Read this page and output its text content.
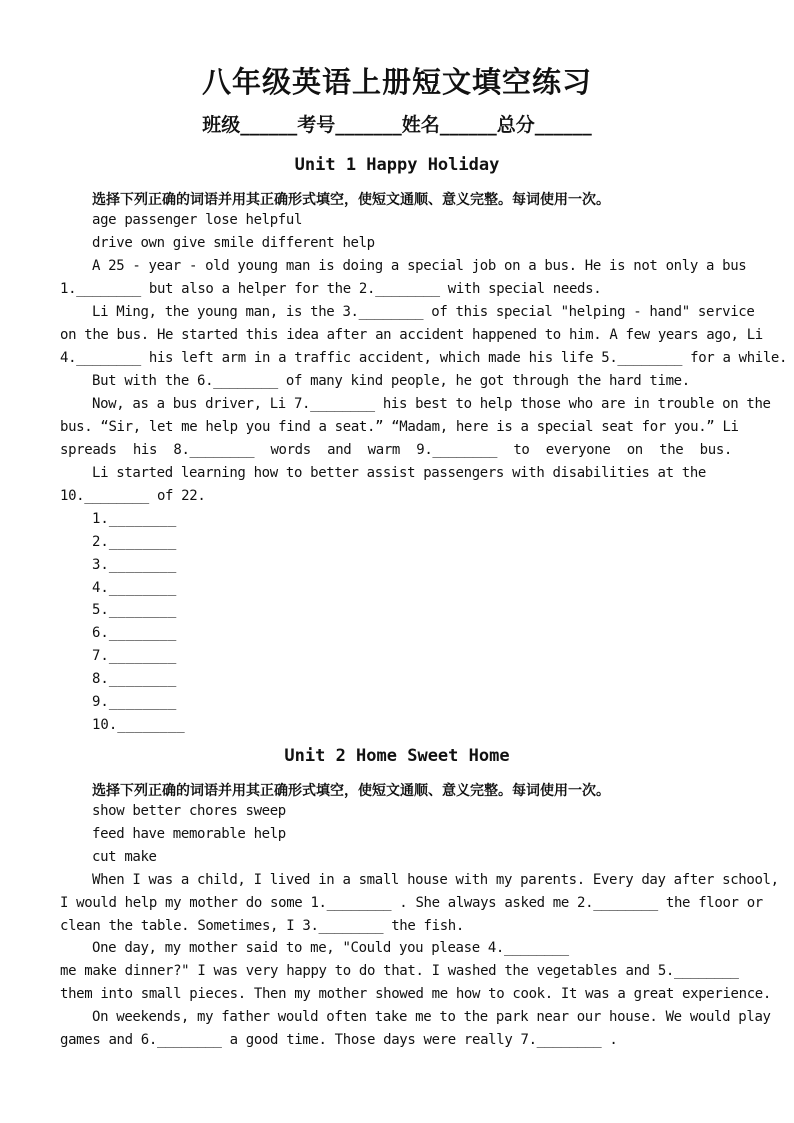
八年级英语上册短文填空练习
班级______考号_______姓名______总分______
Unit 1 Happy Holiday
选择下列正确的词语并用其正确形式填空，使短文通顺、意义完整。每词使用一次。
age passenger lose helpful
drive own give smile different help
A 25 - year - old young man is doing a special job on a bus. He is not only a bus
1.________ but also a helper for the 2.________ with special needs.
Li Ming, the young man, is the 3.________ of this special "helping - hand" service
on the bus. He started this idea after an accident happened to him. A few years ago, Li
4.________ his left arm in a traffic accident, which made his life 5.________ for a while.
But with the 6.________ of many kind people, he got through the hard time.
Now, as a bus driver, Li 7.________ his best to help those who are in trouble on the
bus. “Sir, let me help you find a seat.” “Madam, here is a special seat for you.” Li
spreads his 8.________ words and warm 9.________ to everyone on the bus.
Li started learning how to better assist passengers with disabilities at the
10.________ of 22.
1.________
2.________
3.________
4.________
5.________
6.________
7.________
8.________
9.________
10.________
Unit 2 Home Sweet Home
选择下列正确的词语并用其正确形式填空，使短文通顺、意义完整。每词使用一次。
show better chores sweep
feed have memorable help
cut make
When I was a child, I lived in a small house with my parents. Every day after school,
I would help my mother do some 1.________ . She always asked me 2.________ the floor or
clean the table. Sometimes, I 3.________ the fish.
One day, my mother said to me, "Could you please 4.________
me make dinner?" I was very happy to do that. I washed the vegetables and 5.________
them into small pieces. Then my mother showed me how to cook. It was a great experience.
On weekends, my father would often take me to the park near our house. We would play
games and 6.________ a good time. Those days were really 7.________ .
